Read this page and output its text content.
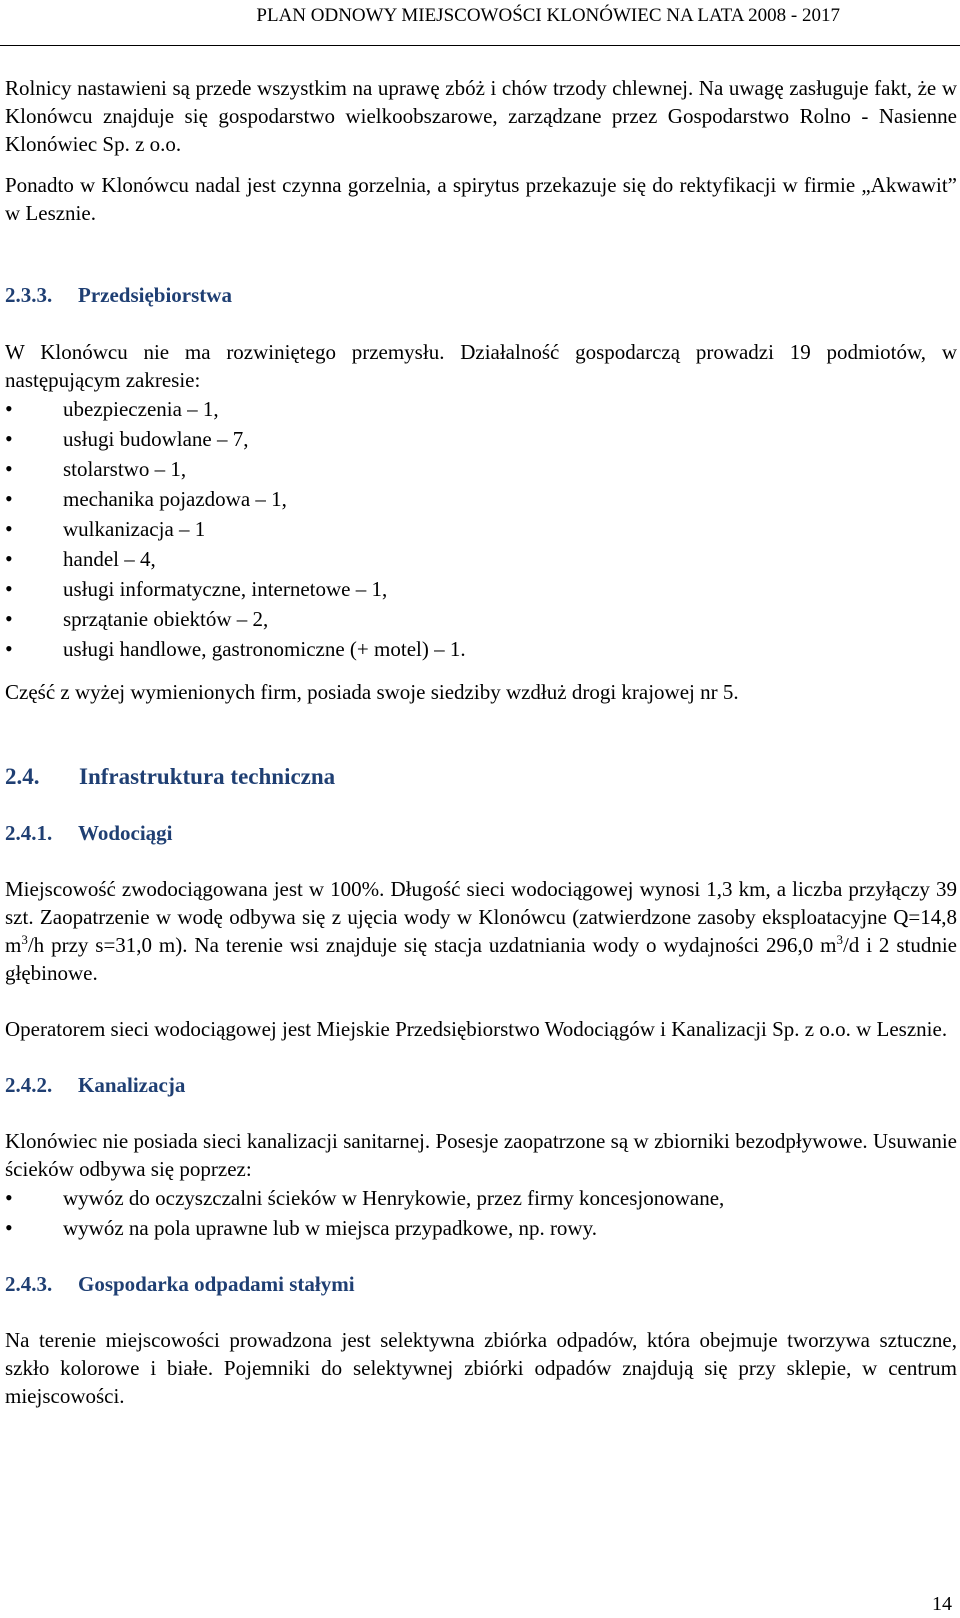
PLAN ODNOWY MIEJSCOWOŚCI KLONÓWIEC NA LATA 2008 - 2017

Rolnicy nastawieni są przede wszystkim na uprawę zbóż i chów trzody chlewnej. Na uwagę zasługuje fakt, że w Klonówcu znajduje się gospodarstwo wielkoobszarowe, zarządzane przez Gospodarstwo Rolno - Nasienne Klonówiec Sp. z o.o.

Ponadto w Klonówcu nadal jest czynna gorzelnia, a spirytus przekazuje się do rektyfikacji w firmie „Akwawit” w Lesznie.

2.3.3. Przedsiębiorstwa

W Klonówcu nie ma rozwiniętego przemysłu. Działalność gospodarczą prowadzi 19 podmiotów, w następującym zakresie:

• ubezpieczenia – 1,
• usługi budowlane – 7,
• stolarstwo – 1,
• mechanika pojazdowa – 1,
• wulkanizacja – 1
• handel – 4,
• usługi informatyczne, internetowe – 1,
• sprzątanie obiektów – 2,
• usługi handlowe, gastronomiczne (+ motel) – 1.

Część z wyżej wymienionych firm, posiada swoje siedziby wzdłuż drogi krajowej nr 5.

2.4. Infrastruktura techniczna
2.4.1. Wodociągi

Miejscowość zwodociągowana jest w 100%. Długość sieci wodociągowej wynosi 1,3 km, a liczba przyłączy 39 szt. Zaopatrzenie w wodę odbywa się z ujęcia wody w Klonówcu (zatwierdzone zasoby eksploatacyjne Q=14,8 $m^3/h$ przy s=31,0 m). Na terenie wsi znajduje się stacja uzdatniania wody o wydajności 296,0 $m^3/d$ i 2 studnie głębinowe.

Operatorem sieci wodociągowej jest Miejskie Przedsiębiorstwo Wodociągów i Kanalizacji Sp. z o.o. w Lesznie.

2.4.2. Kanalizacja

Klonówiec nie posiada sieci kanalizacji sanitarnej. Posesje zaopatrzone są w zbiorniki bezodpływowe. Usuwanie ścieków odbywa się poprzez:

• wywóz do oczyszczalni ścieków w Henrykowie, przez firmy koncesjonowane,
• wywóz na pola uprawne lub w miejsca przypadkowe, np. rowy.
2.4.3. Gospodarka odpadami stałymi

Na terenie miejscowości prowadzona jest selektywna zbiórka odpadów, która obejmuje tworzywa sztuczne, szkło kolorowe i białe. Pojemniki do selektywnej zbiórki odpadów znajdują się przy sklepie, w centrum miejscowości.

14
